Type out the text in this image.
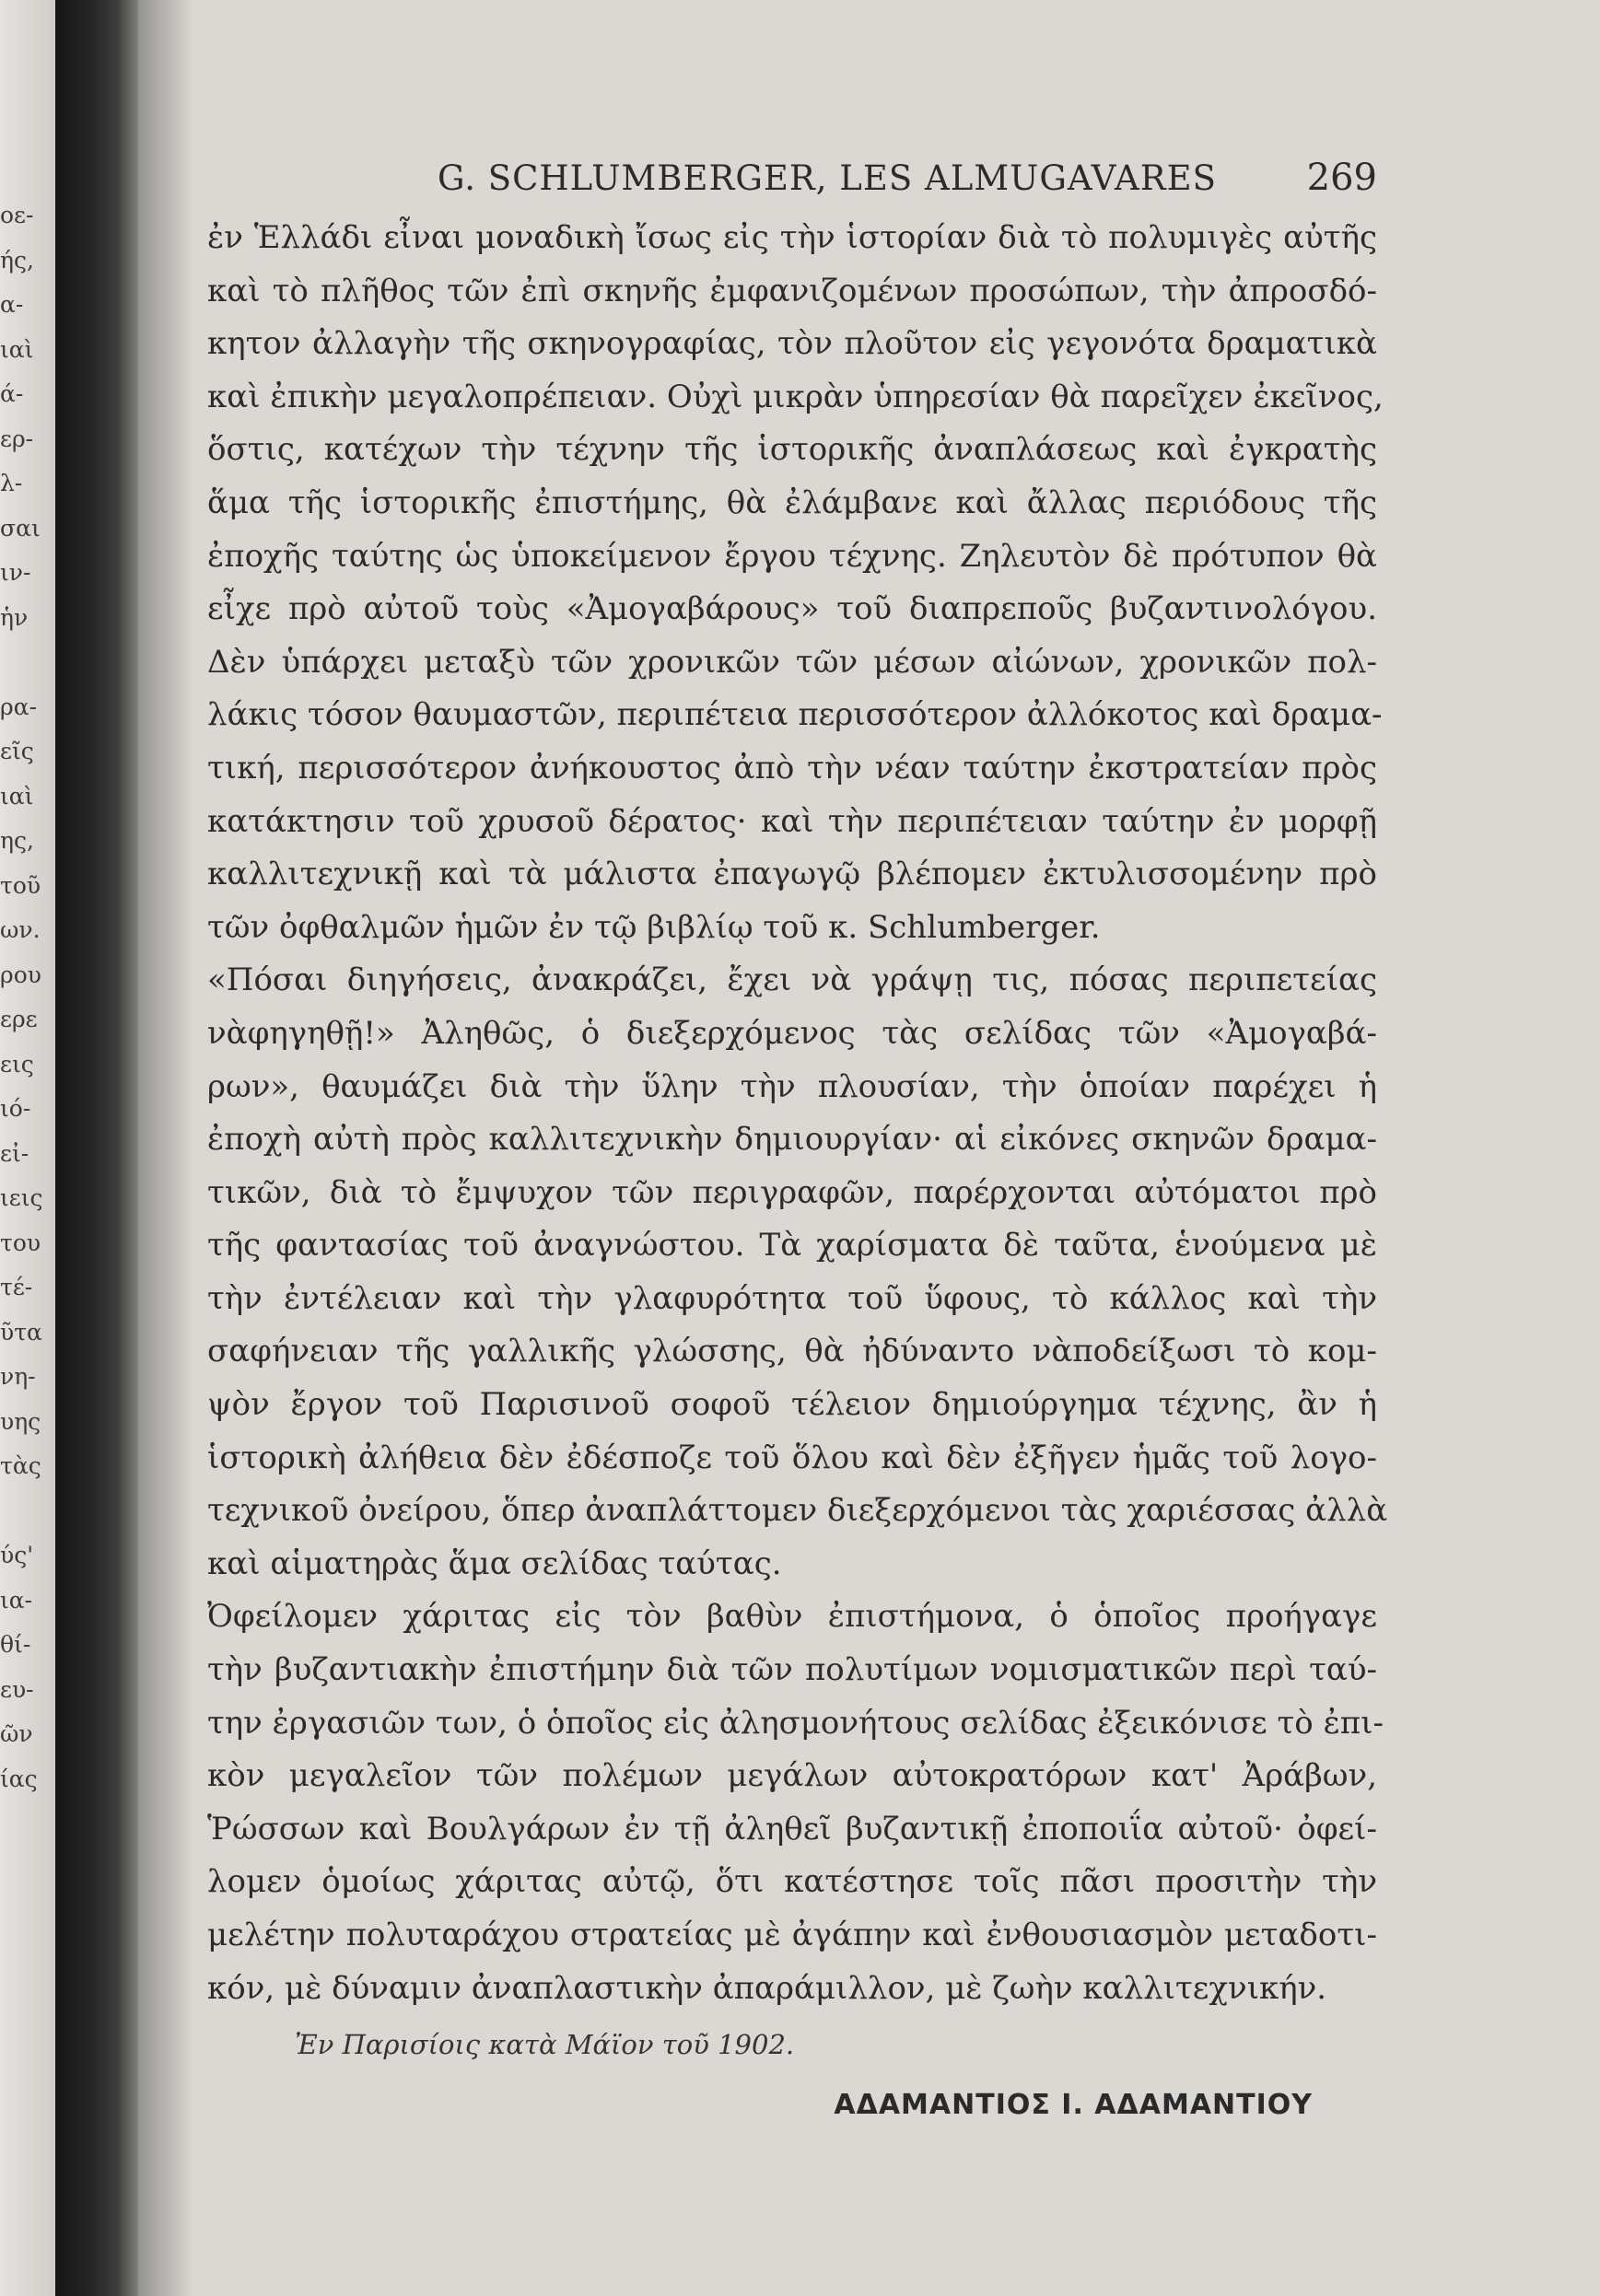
οε-
ής,
α-
ιαὶ
ά-
ερ-
λ-
σαι
ιν-
ἡν
ρα-
εῖς
ιαὶ
ης,
τοῦ
ων.
ρου
ερε
εις
ιό-
εἰ-
ιεις
του
τέ-
ῦτα
νη-
υης
τὰς
ύς'
ια-
θί-
ευ-
ῶν
ίας
G. SCHLUMBERGER, LES ALMUGAVARES 269
ἐν Ἑλλάδι εἶναι μοναδικὴ ἴσως εἰς τὴν ἱστορίαν διὰ τὸ πολυμιγὲς αὐτῆς
καὶ τὸ πλῆθος τῶν ἐπὶ σκηνῆς ἐμφανιζομένων προσώπων, τὴν ἀπροσδό-
κητον ἀλλαγὴν τῆς σκηνογραφίας, τὸν πλοῦτον εἰς γεγονότα δραματικὰ
καὶ ἐπικὴν μεγαλοπρέπειαν. Οὐχὶ μικρὰν ὑπηρεσίαν θὰ παρεῖχεν ἐκεῖνος,
ὅστις, κατέχων τὴν τέχνην τῆς ἱστορικῆς ἀναπλάσεως καὶ ἐγκρατὴς
ἅμα τῆς ἱστορικῆς ἐπιστήμης, θὰ ἐλάμβανε καὶ ἄλλας περιόδους τῆς
ἐποχῆς ταύτης ὡς ὑποκείμενον ἔργου τέχνης. Ζηλευτὸν δὲ πρότυπον θὰ
εἶχε πρὸ αὐτοῦ τοὺς «Ἀμογαβάρους» τοῦ διαπρεποῦς βυζαντινολόγου.
Δὲν ὑπάρχει μεταξὺ τῶν χρονικῶν τῶν μέσων αἰώνων, χρονικῶν πολ-
λάκις τόσον θαυμαστῶν, περιπέτεια περισσότερον ἀλλόκοτος καὶ δραμα-
τική, περισσότερον ἀνήκουστος ἀπὸ τὴν νέαν ταύτην ἐκστρατείαν πρὸς
κατάκτησιν τοῦ χρυσοῦ δέρατος· καὶ τὴν περιπέτειαν ταύτην ἐν μορφῇ
καλλιτεχνικῇ καὶ τὰ μάλιστα ἐπαγωγῷ βλέπομεν ἐκτυλισσομένην πρὸ
τῶν ὀφθαλμῶν ἡμῶν ἐν τῷ βιβλίῳ τοῦ κ. Schlumberger.
«Πόσαι διηγήσεις, ἀνακράζει, ἔχει νὰ γράψῃ τις, πόσας περιπετείας
νὰφηγηθῇ!» Ἀληθῶς, ὁ διεξερχόμενος τὰς σελίδας τῶν «Ἀμογαβά-
ρων», θαυμάζει διὰ τὴν ὕλην τὴν πλουσίαν, τὴν ὁποίαν παρέχει ἡ
ἐποχὴ αὐτὴ πρὸς καλλιτεχνικὴν δημιουργίαν· αἱ εἰκόνες σκηνῶν δραμα-
τικῶν, διὰ τὸ ἔμψυχον τῶν περιγραφῶν, παρέρχονται αὐτόματοι πρὸ
τῆς φαντασίας τοῦ ἀναγνώστου. Τὰ χαρίσματα δὲ ταῦτα, ἑνούμενα μὲ
τὴν ἐντέλειαν καὶ τὴν γλαφυρότητα τοῦ ὕφους, τὸ κάλλος καὶ τὴν
σαφήνειαν τῆς γαλλικῆς γλώσσης, θὰ ἠδύναντο νὰποδείξωσι τὸ κομ-
ψὸν ἔργον τοῦ Παρισινοῦ σοφοῦ τέλειον δημιούργημα τέχνης, ἂν ἡ
ἱστορικὴ ἀλήθεια δὲν ἐδέσποζε τοῦ ὅλου καὶ δὲν ἐξῆγεν ἡμᾶς τοῦ λογο-
τεχνικοῦ ὀνείρου, ὅπερ ἀναπλάττομεν διεξερχόμενοι τὰς χαριέσσας ἀλλὰ
καὶ αἱματηρὰς ἅμα σελίδας ταύτας.
Ὀφείλομεν χάριτας εἰς τὸν βαθὺν ἐπιστήμονα, ὁ ὁποῖος προήγαγε
τὴν βυζαντιακὴν ἐπιστήμην διὰ τῶν πολυτίμων νομισματικῶν περὶ ταύ-
την ἐργασιῶν των, ὁ ὁποῖος εἰς ἀλησμονήτους σελίδας ἐξεικόνισε τὸ ἐπι-
κὸν μεγαλεῖον τῶν πολέμων μεγάλων αὐτοκρατόρων κατ' Ἀράβων,
Ῥώσσων καὶ Βουλγάρων ἐν τῇ ἀληθεῖ βυζαντικῇ ἐποποιΐα αὐτοῦ· ὀφεί-
λομεν ὁμοίως χάριτας αὐτῷ, ὅτι κατέστησε τοῖς πᾶσι προσιτὴν τὴν
μελέτην πολυταράχου στρατείας μὲ ἀγάπην καὶ ἐνθουσιασμὸν μεταδοτι-
κόν, μὲ δύναμιν ἀναπλαστικὴν ἀπαράμιλλον, μὲ ζωὴν καλλιτεχνικήν.
Ἐν Παρισίοις κατὰ Μάϊον τοῦ 1902.
ΑΔΑΜΑΝΤΙΟΣ Ι. ΑΔΑΜΑΝΤΙΟΥ
